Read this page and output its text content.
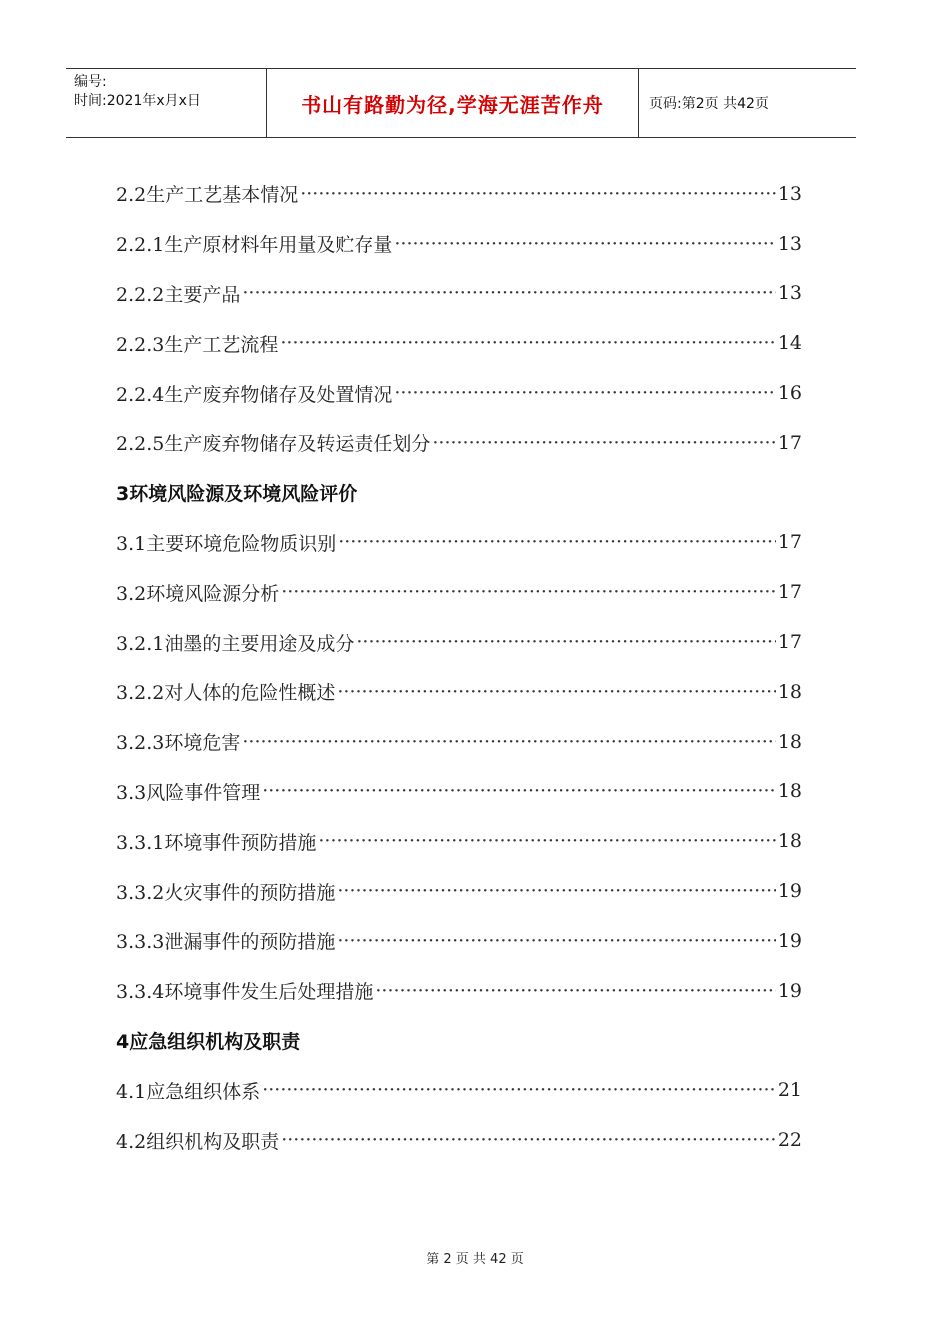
编号:
时间:2021年x月x日	书山有路勤为径,学海无涯苦作舟	页码:第2页 共42页
2.2生产工艺基本情况 ·····	13
2.2.1生产原材料年用量及贮存量 ·····	13
2.2.2主要产品 ·····	13
2.2.3生产工艺流程 ·····	14
2.2.4生产废弃物储存及处置情况 ·····	16
2.2.5生产废弃物储存及转运责任划分 ·····	17
3环境风险源及环境风险评价
3.1主要环境危险物质识别 ·····	17
3.2环境风险源分析 ·····	17
3.2.1油墨的主要用途及成分 ·····	17
3.2.2对人体的危险性概述 ·····	18
3.2.3环境危害 ·····	18
3.3风险事件管理 ·····	18
3.3.1环境事件预防措施 ·····	18
3.3.2火灾事件的预防措施 ·····	19
3.3.3泄漏事件的预防措施 ·····	19
3.3.4环境事件发生后处理措施 ·····	19
4应急组织机构及职责
4.1应急组织体系 ·····	21
4.2组织机构及职责 ·····	22
第 2 页 共 42 页
